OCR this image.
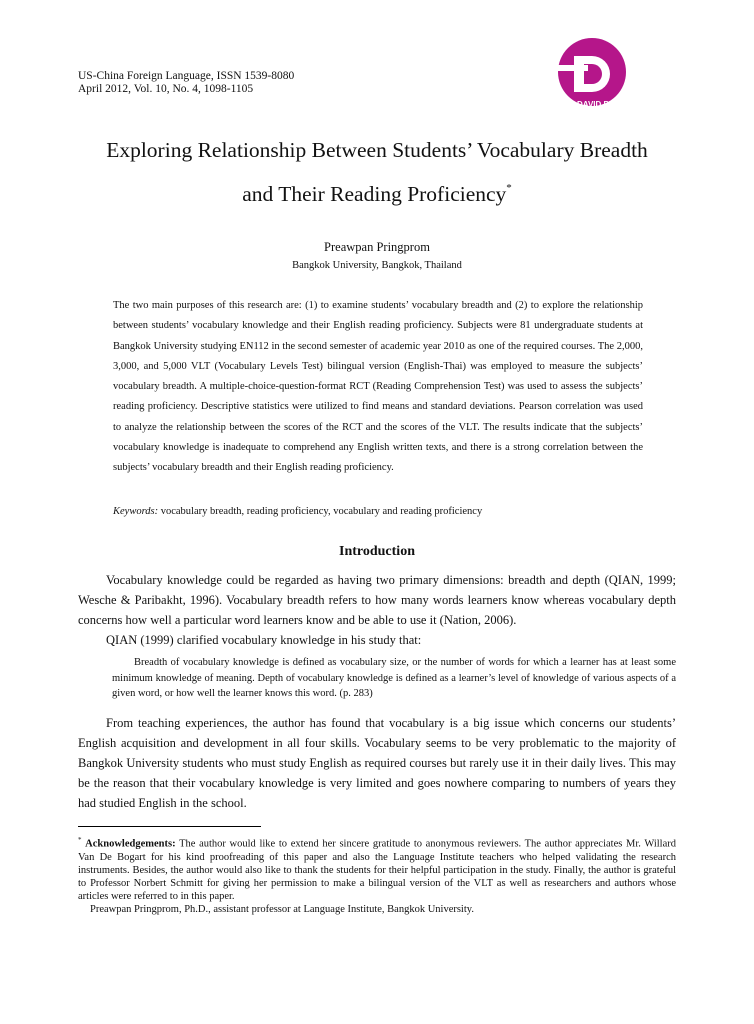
US-China Foreign Language, ISSN 1539-8080
April 2012, Vol. 10, No. 4, 1098-1105
DAVID PUBLISHING
Exploring Relationship Between Students’ Vocabulary Breadth
and Their Reading Proficiency*
Preawpan Pringprom
Bangkok University, Bangkok, Thailand
The two main purposes of this research are: (1) to examine students’ vocabulary breadth and (2) to explore the relationship between students’ vocabulary knowledge and their English reading proficiency. Subjects were 81 undergraduate students at Bangkok University studying EN112 in the second semester of academic year 2010 as one of the required courses. The 2,000, 3,000, and 5,000 VLT (Vocabulary Levels Test) bilingual version (English-Thai) was employed to measure the subjects’ vocabulary breadth. A multiple-choice-question-format RCT (Reading Comprehension Test) was used to assess the subjects’ reading proficiency. Descriptive statistics were utilized to find means and standard deviations. Pearson correlation was used to analyze the relationship between the scores of the RCT and the scores of the VLT. The results indicate that the subjects’ vocabulary knowledge is inadequate to comprehend any English written texts, and there is a strong correlation between the subjects’ vocabulary breadth and their English reading proficiency.
Keywords: vocabulary breadth, reading proficiency, vocabulary and reading proficiency
Introduction

Vocabulary knowledge could be regarded as having two primary dimensions: breadth and depth (QIAN, 1999; Wesche & Paribakht, 1996). Vocabulary breadth refers to how many words learners know whereas vocabulary depth concerns how well a particular word learners know and be able to use it (Nation, 2006).

QIAN (1999) clarified vocabulary knowledge in his study that:

Breadth of vocabulary knowledge is defined as vocabulary size, or the number of words for which a learner has at least some minimum knowledge of meaning. Depth of vocabulary knowledge is defined as a learner’s level of knowledge of various aspects of a given word, or how well the learner knows this word. (p. 283)

From teaching experiences, the author has found that vocabulary is a big issue which concerns our students’ English acquisition and development in all four skills. Vocabulary seems to be very problematic to the majority of Bangkok University students who must study English as required courses but rarely use it in their daily lives. This may be the reason that their vocabulary knowledge is very limited and goes nowhere comparing to numbers of years they had studied English in the school.

* Acknowledgements: The author would like to extend her sincere gratitude to anonymous reviewers. The author appreciates Mr. Willard Van De Bogart for his kind proofreading of this paper and also the Language Institute teachers who helped validating the research instruments. Besides, the author would also like to thank the students for their helpful participation in the study. Finally, the author is grateful to Professor Norbert Schmitt for giving her permission to make a bilingual version of the VLT as well as researchers and authors whose articles were referred to in this paper.

Preawpan Pringprom, Ph.D., assistant professor at Language Institute, Bangkok University.
